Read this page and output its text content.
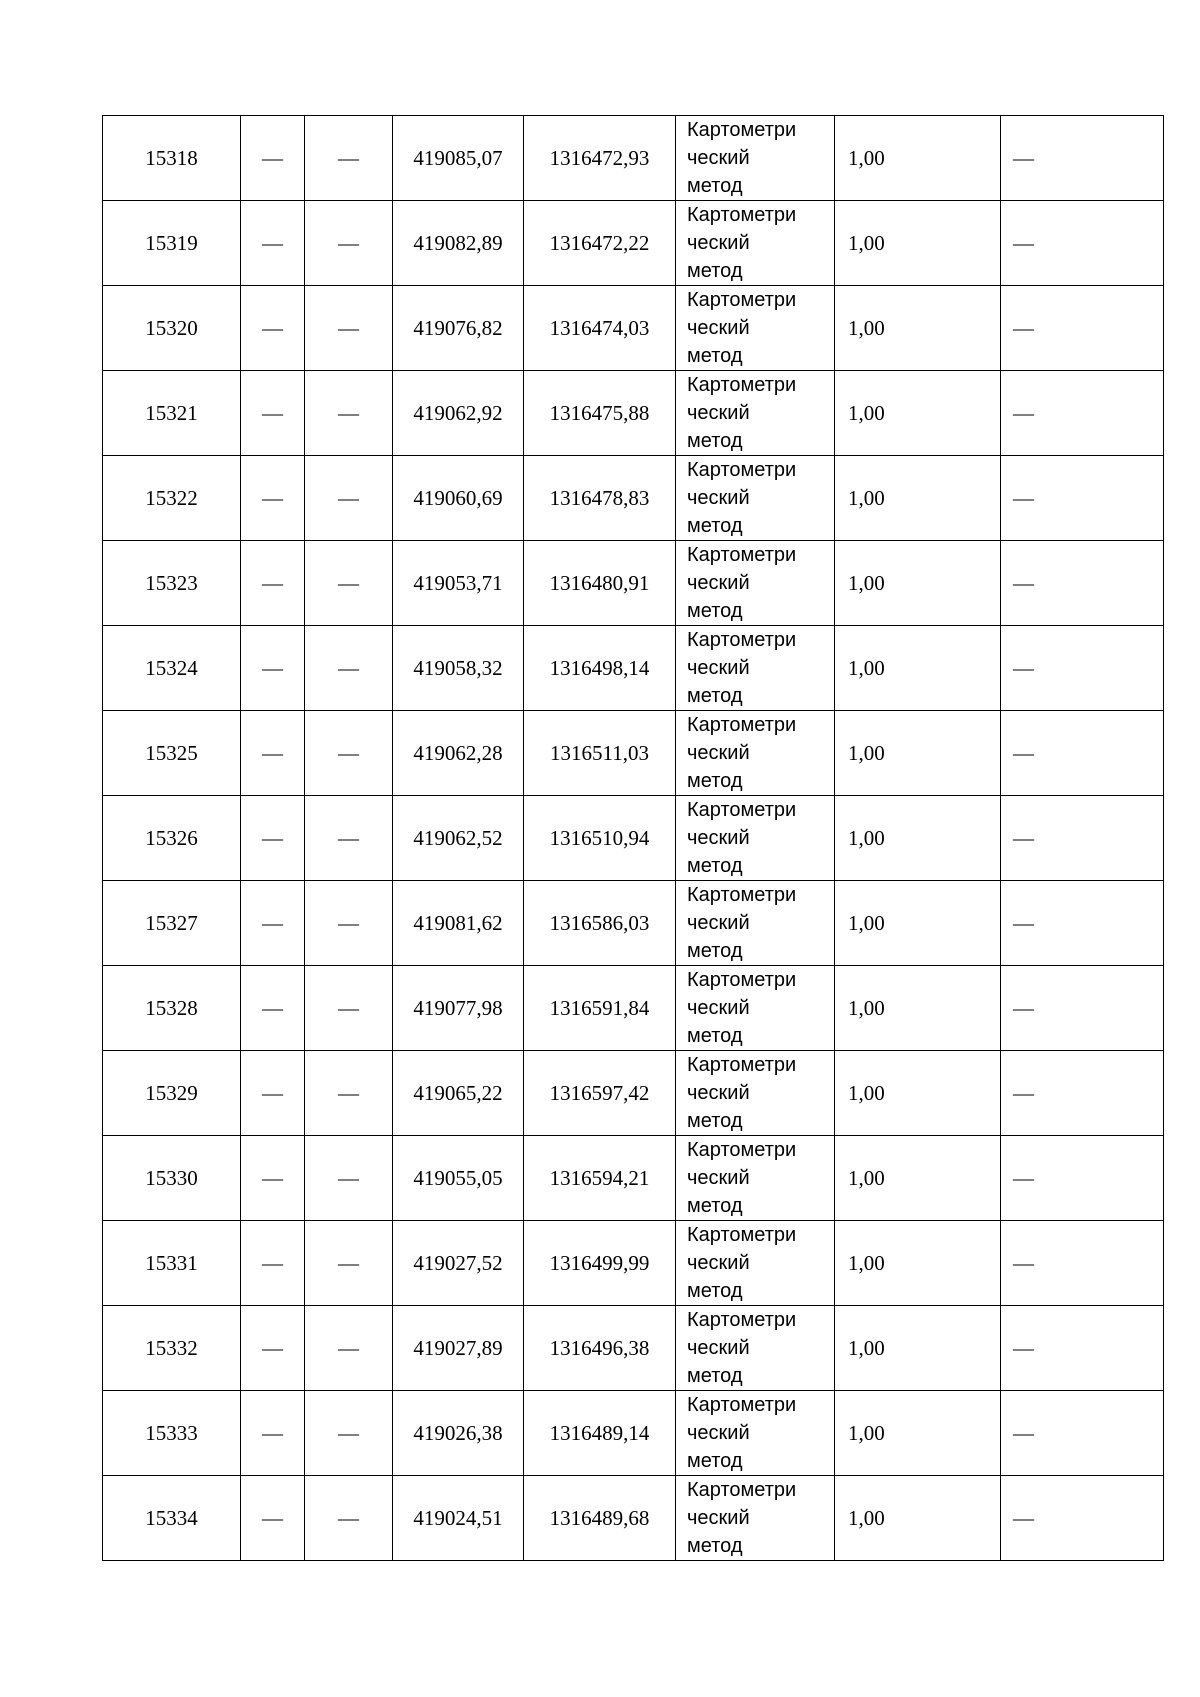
15318	—	—	419085,07	1316472,93	Картометри
ческий
метод	1,00	—
15319	—	—	419082,89	1316472,22	Картометри
ческий
метод	1,00	—
15320	—	—	419076,82	1316474,03	Картометри
ческий
метод	1,00	—
15321	—	—	419062,92	1316475,88	Картометри
ческий
метод	1,00	—
15322	—	—	419060,69	1316478,83	Картометри
ческий
метод	1,00	—
15323	—	—	419053,71	1316480,91	Картометри
ческий
метод	1,00	—
15324	—	—	419058,32	1316498,14	Картометри
ческий
метод	1,00	—
15325	—	—	419062,28	1316511,03	Картометри
ческий
метод	1,00	—
15326	—	—	419062,52	1316510,94	Картометри
ческий
метод	1,00	—
15327	—	—	419081,62	1316586,03	Картометри
ческий
метод	1,00	—
15328	—	—	419077,98	1316591,84	Картометри
ческий
метод	1,00	—
15329	—	—	419065,22	1316597,42	Картометри
ческий
метод	1,00	—
15330	—	—	419055,05	1316594,21	Картометри
ческий
метод	1,00	—
15331	—	—	419027,52	1316499,99	Картометри
ческий
метод	1,00	—
15332	—	—	419027,89	1316496,38	Картометри
ческий
метод	1,00	—
15333	—	—	419026,38	1316489,14	Картометри
ческий
метод	1,00	—
15334	—	—	419024,51	1316489,68	Картометри
ческий
метод	1,00	—
